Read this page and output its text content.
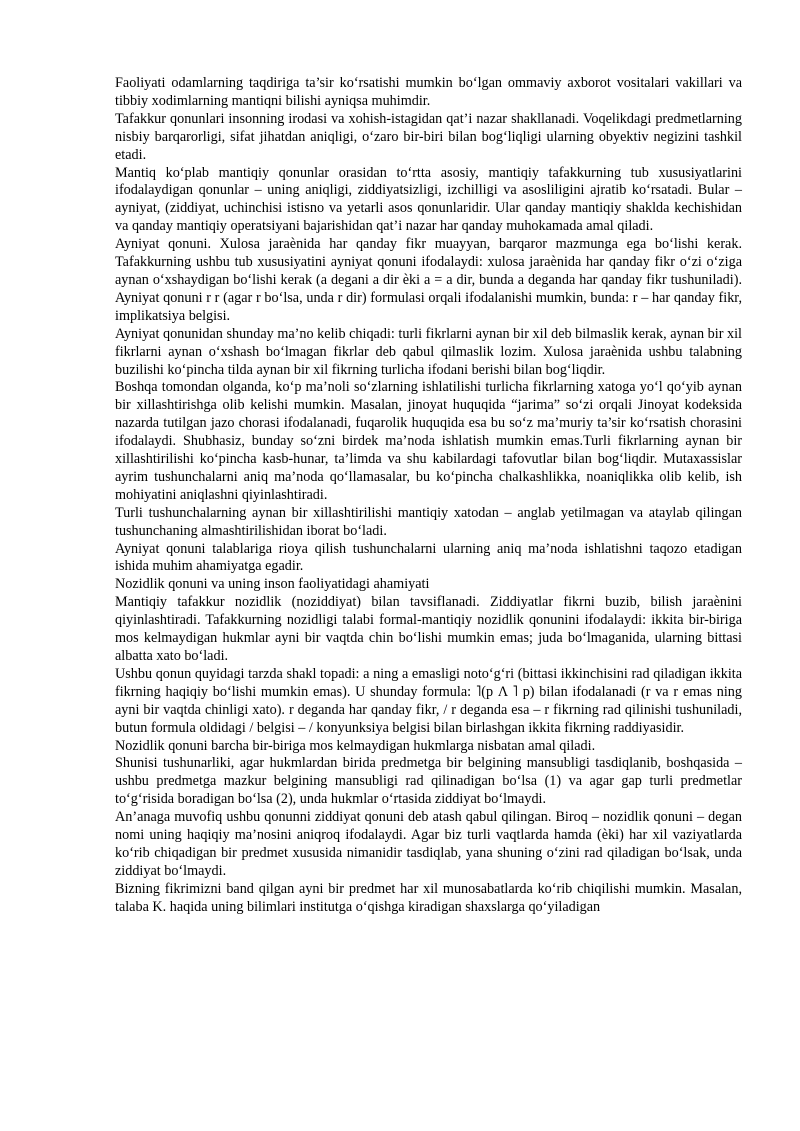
Faoliyati odamlarning taqdiriga ta’sir ko‘rsatishi mumkin bo‘lgan ommaviy axborot vositalari vakillari va tibbiy xodimlarning mantiqni bilishi ayniqsa muhimdir.

Tafakkur qonunlari insonning irodasi va xohish-istagidan qat’i nazar shakllanadi. Voqelikdagi predmetlarning nisbiy barqarorligi, sifat jihatdan aniqligi, o‘zaro bir-biri bilan bog‘liqligi ularning obyektiv negizini tashkil etadi.

Mantiq ko‘plab mantiqiy qonunlar orasidan to‘rtta asosiy, mantiqiy tafakkurning tub xususiyatlarini ifodalaydigan qonunlar – uning aniqligi, ziddiyatsizligi, izchilligi va asosliligini ajratib ko‘rsatadi. Bular – ayniyat, (ziddiyat, uchinchisi istisno va yetarli asos qonunlaridir. Ular qanday mantiqiy shaklda kechishidan va qanday mantiqiy operatsiyani bajarishidan qat’i nazar har qanday muhokamada amal qiladi.

Ayniyat qonuni. Xulosa jaraènida har qanday fikr muayyan, barqaror mazmunga ega bo‘lishi kerak. Tafakkurning ushbu tub xususiyatini ayniyat qonuni ifodalaydi: xulosa jaraènida har qanday fikr o‘zi o‘ziga aynan o‘xshaydigan bo‘lishi kerak (a degani a dir èki a = a dir, bunda a deganda har qanday fikr tushuniladi). Ayniyat qonuni r r (agar r bo‘lsa, unda r dir) formulasi orqali ifodalanishi mumkin, bunda: r – har qanday fikr, implikatsiya belgisi.

Ayniyat qonunidan shunday ma’no kelib chiqadi: turli fikrlarni aynan bir xil deb bilmaslik kerak, aynan bir xil fikrlarni aynan o‘xshash bo‘lmagan fikrlar deb qabul qilmaslik lozim. Xulosa jaraènida ushbu talabning buzilishi ko‘pincha tilda aynan bir xil fikrning turlicha ifodani berishi bilan bog‘liqdir.

Boshqa tomondan olganda, ko‘p ma’noli so‘zlarning ishlatilishi turlicha fikrlarning xatoga yo‘l qo‘yib aynan bir xillashtirishga olib kelishi mumkin. Masalan, jinoyat huquqida “jarima” so‘zi orqali Jinoyat kodeksida nazarda tutilgan jazo chorasi ifodalanadi, fuqarolik huquqida esa bu so‘z ma’muriy ta’sir ko‘rsatish chorasini ifodalaydi. Shubhasiz, bunday so‘zni birdek ma’noda ishlatish mumkin emas.Turli fikrlarning aynan bir xillashtirilishi ko‘pincha kasb-hunar, ta’limda va shu kabilardagi tafovutlar bilan bog‘liqdir. Mutaxassislar ayrim tushunchalarni aniq ma’noda qo‘llamasalar, bu ko‘pincha chalkashlikka, noaniqlikka olib kelib, ish mohiyatini aniqlashni qiyinlashtiradi.

Turli tushunchalarning aynan bir xillashtirilishi mantiqiy xatodan – anglab yetilmagan va ataylab qilingan tushunchaning almashtirilishidan iborat bo‘ladi.

Ayniyat qonuni talablariga rioya qilish tushunchalarni ularning aniq ma’noda ishlatishni taqozo etadigan ishida muhim ahamiyatga egadir.

Nozidlik qonuni va uning inson faoliyatidagi ahamiyati

Mantiqiy tafakkur nozidlik (noziddiyat) bilan tavsiflanadi. Ziddiyatlar fikrni buzib, bilish jaraènini qiyinlashtiradi. Tafakkurning nozidligi talabi formal-mantiqiy nozidlik qonunini ifodalaydi: ikkita bir-biriga mos kelmaydigan hukmlar ayni bir vaqtda chin bo‘lishi mumkin emas; juda bo‘lmaganida, ularning bittasi albatta xato bo‘ladi.

Ushbu qonun quyidagi tarzda shakl topadi: a ning a emasligi noto‘g‘ri (bittasi ikkinchisini rad qiladigan ikkita fikrning haqiqiy bo‘lishi mumkin emas). U shunday formula: ˥(p Λ ˥ p) bilan ifodalanadi (r va r emas ning ayni bir vaqtda chinligi xato). r deganda har qanday fikr, / r deganda esa – r fikrning rad qilinishi tushuniladi, butun formula oldidagi / belgisi – / konyunksiya belgisi bilan birlashgan ikkita fikrning raddiyasidir.

Nozidlik qonuni barcha bir-biriga mos kelmaydigan hukmlarga nisbatan amal qiladi.

Shunisi tushunarliki, agar hukmlardan birida predmetga bir belgining mansubligi tasdiqlanib, boshqasida – ushbu predmetga mazkur belgining mansubligi rad qilinadigan bo‘lsa (1) va agar gap turli predmetlar to‘g‘risida boradigan bo‘lsa (2), unda hukmlar o‘rtasida ziddiyat bo‘lmaydi.

An’anaga muvofiq ushbu qonunni ziddiyat qonuni deb atash qabul qilingan. Biroq – nozidlik qonuni – degan nomi uning haqiqiy ma’nosini aniqroq ifodalaydi. Agar biz turli vaqtlarda hamda (èki) har xil vaziyatlarda ko‘rib chiqadigan bir predmet xususida nimanidir tasdiqlab, yana shuning o‘zini rad qiladigan bo‘lsak, unda ziddiyat bo‘lmaydi.

Bizning fikrimizni band qilgan ayni bir predmet har xil munosabatlarda ko‘rib chiqilishi mumkin. Masalan, talaba K. haqida uning bilimlari institutga o‘qishga kiradigan shaxslarga qo‘yiladigan
